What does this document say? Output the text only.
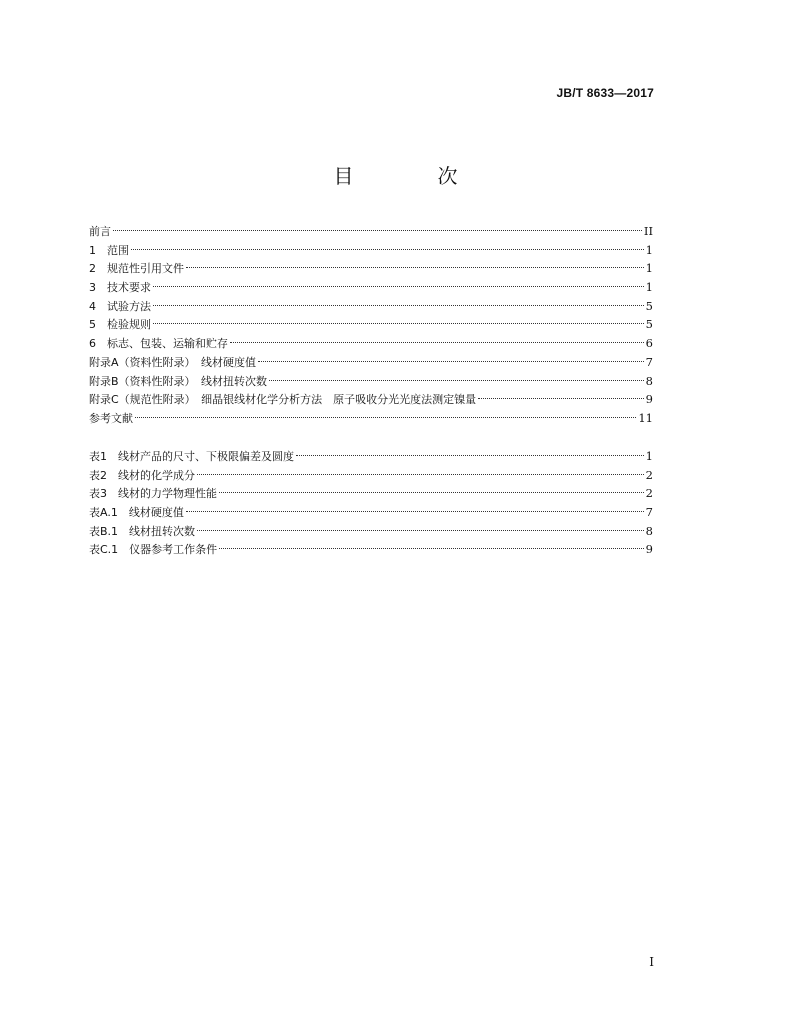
JB/T 8633—2017
目　次
前言	II
1　范围	1
2　规范性引用文件	1
3　技术要求	1
4　试验方法	5
5　检验规则	5
6　标志、包装、运输和贮存	6
附录A（资料性附录）　线材硬度值	7
附录B（资料性附录）　线材扭转次数	8
附录C（规范性附录）　细晶银线材化学分析方法　原子吸收分光光度法测定镍量	9
参考文献	11
表1　线材产品的尺寸、下极限偏差及圆度	1
表2　线材的化学成分	2
表3　线材的力学物理性能	2
表A.1　线材硬度值	7
表B.1　线材扭转次数	8
表C.1　仪器参考工作条件	9
I
